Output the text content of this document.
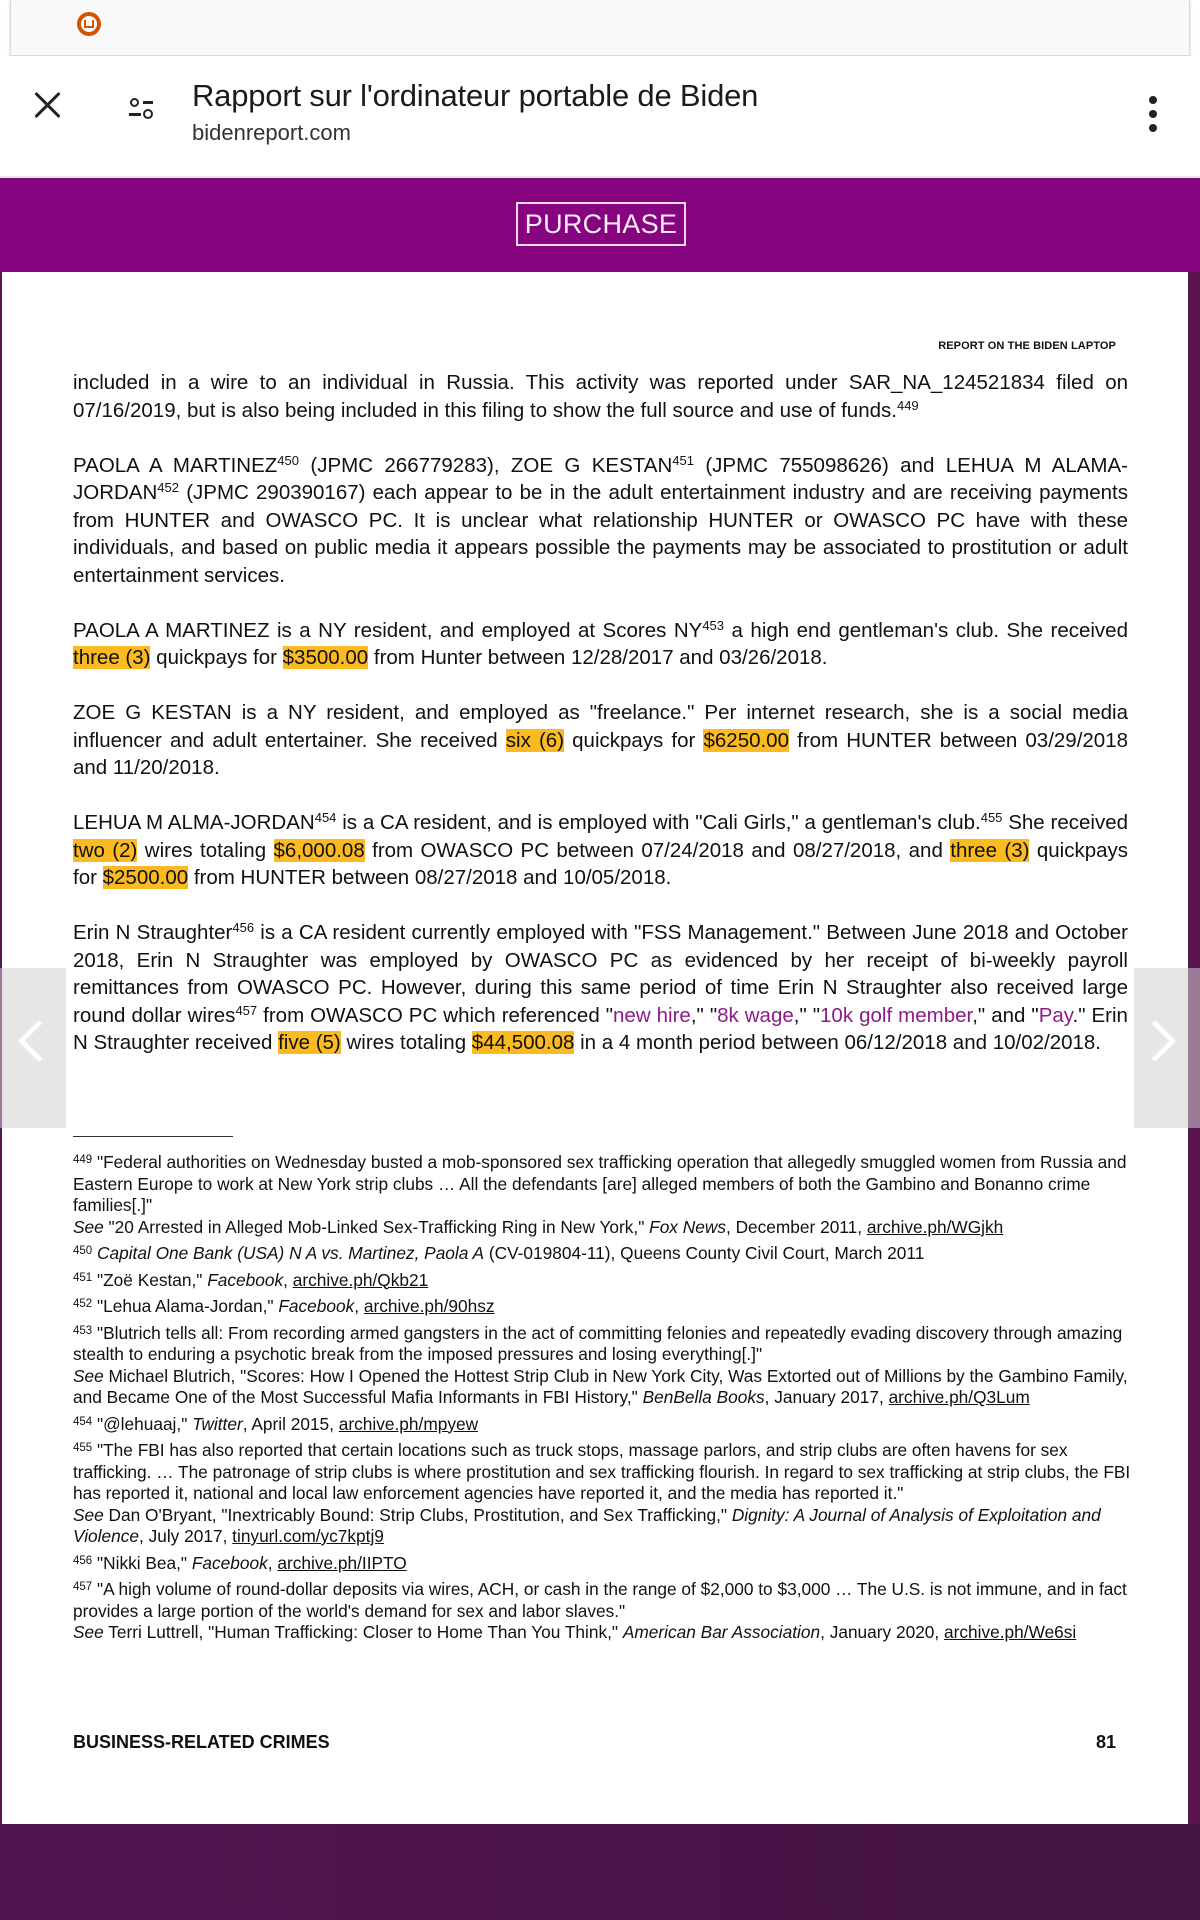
Rapport sur l'ordinateur portable de Biden
bidenreport.com
PURCHASE
REPORT ON THE BIDEN LAPTOP

included in a wire to an individual in Russia. This activity was reported under SAR_NA_124521834 filed on 07/16/2019, but is also being included in this filing to show the full source and use of funds.$^{449}$

PAOLA A MARTINEZ$^{450}$ (JPMC 266779283), ZOE G KESTAN$^{451}$ (JPMC 755098626) and LEHUA M ALAMA-JORDAN$^{452}$ (JPMC 290390167) each appear to be in the adult entertainment industry and are receiving payments from HUNTER and OWASCO PC. It is unclear what relationship HUNTER or OWASCO PC have with these individuals, and based on public media it appears possible the payments may be associated to prostitution or adult entertainment services.

PAOLA A MARTINEZ is a NY resident, and employed at Scores NY$^{453}$ a high end gentleman's club. She received three (3) quickpays for $3500.00 from Hunter between 12/28/2017 and 03/26/2018.

ZOE G KESTAN is a NY resident, and employed as "freelance." Per internet research, she is a social media influencer and adult entertainer. She received six (6) quickpays for $6250.00 from HUNTER between 03/29/2018 and 11/20/2018.

LEHUA M ALMA-JORDAN$^{454}$ is a CA resident, and is employed with "Cali Girls," a gentleman's club.$^{455}$ She received two (2) wires totaling $6,000.08 from OWASCO PC between 07/24/2018 and 08/27/2018, and three (3) quickpays for $2500.00 from HUNTER between 08/27/2018 and 10/05/2018.

Erin N Straughter$^{456}$ is a CA resident currently employed with "FSS Management." Between June 2018 and October 2018, Erin N Straughter was employed by OWASCO PC as evidenced by her receipt of bi-weekly payroll remittances from OWASCO PC. However, during this same period of time Erin N Straughter also received large round dollar wires$^{457}$ from OWASCO PC which referenced "new hire," "8k wage," "10k golf member," and "Pay." Erin N Straughter received five (5) wires totaling $44,500.08 in a 4 month period between 06/12/2018 and 10/02/2018.

$^{449}$ "Federal authorities on Wednesday busted a mob-sponsored sex trafficking operation that allegedly smuggled women from Russia and Eastern Europe to work at New York strip clubs … All the defendants [are] alleged members of both the Gambino and Bonanno crime families[.]"
See "20 Arrested in Alleged Mob-Linked Sex-Trafficking Ring in New York," Fox News, December 2011, archive.ph/WGjkh
$^{450}$ Capital One Bank (USA) N A vs. Martinez, Paola A (CV-019804-11), Queens County Civil Court, March 2011
$^{451}$ "Zoë Kestan," Facebook, archive.ph/Qkb21
$^{452}$ "Lehua Alama-Jordan," Facebook, archive.ph/90hsz
$^{453}$ "Blutrich tells all: From recording armed gangsters in the act of committing felonies and repeatedly evading discovery through amazing stealth to enduring a psychotic break from the imposed pressures and losing everything[.]"
See Michael Blutrich, "Scores: How I Opened the Hottest Strip Club in New York City, Was Extorted out of Millions by the Gambino Family, and Became One of the Most Successful Mafia Informants in FBI History," BenBella Books, January 2017, archive.ph/Q3Lum
$^{454}$ "@lehuaaj," Twitter, April 2015, archive.ph/mpyew
$^{455}$ "The FBI has also reported that certain locations such as truck stops, massage parlors, and strip clubs are often havens for sex trafficking. … The patronage of strip clubs is where prostitution and sex trafficking flourish. In regard to sex trafficking at strip clubs, the FBI has reported it, national and local law enforcement agencies have reported it, and the media has reported it."
See Dan O'Bryant, "Inextricably Bound: Strip Clubs, Prostitution, and Sex Trafficking," Dignity: A Journal of Analysis of Exploitation and Violence, July 2017, tinyurl.com/yc7kptj9
$^{456}$ "Nikki Bea," Facebook, archive.ph/IIPTO
$^{457}$ "A high volume of round-dollar deposits via wires, ACH, or cash in the range of $2,000 to $3,000 … The U.S. is not immune, and in fact provides a large portion of the world's demand for sex and labor slaves."
See Terri Luttrell, "Human Trafficking: Closer to Home Than You Think," American Bar Association, January 2020, archive.ph/We6si
BUSINESS-RELATED CRIMES	81
